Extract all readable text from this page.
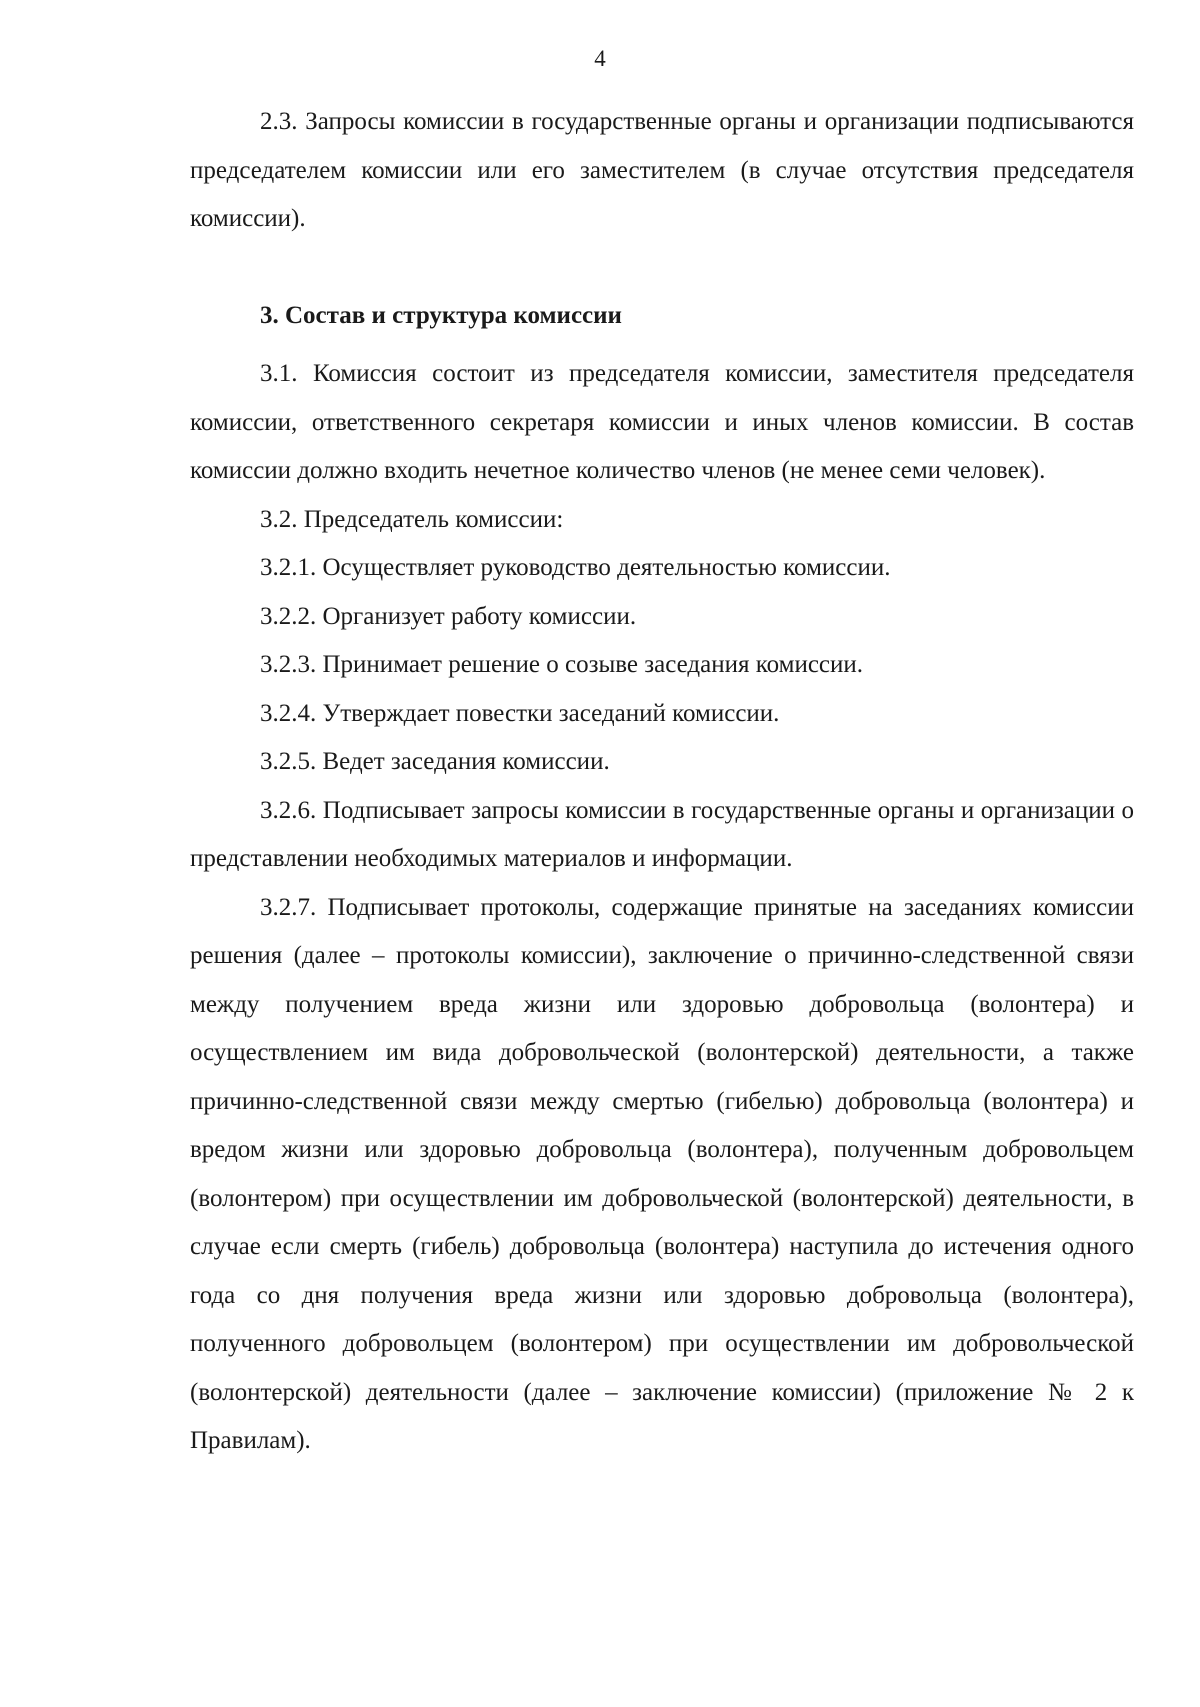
4

2.3. Запросы комиссии в государственные органы и организации подписываются председателем комиссии или его заместителем (в случае отсутствия председателя комиссии).

3. Состав и структура комиссии

3.1. Комиссия состоит из председателя комиссии, заместителя председателя комиссии, ответственного секретаря комиссии и иных членов комиссии. В состав комиссии должно входить нечетное количество членов (не менее семи человек).

3.2. Председатель комиссии:

3.2.1. Осуществляет руководство деятельностью комиссии.

3.2.2. Организует работу комиссии.

3.2.3. Принимает решение о созыве заседания комиссии.

3.2.4. Утверждает повестки заседаний комиссии.

3.2.5. Ведет заседания комиссии.

3.2.6. Подписывает запросы комиссии в государственные органы и организации о представлении необходимых материалов и информации.

3.2.7. Подписывает протоколы, содержащие принятые на заседаниях комиссии решения (далее – протоколы комиссии), заключение о причинно-следственной связи между получением вреда жизни или здоровью добровольца (волонтера) и осуществлением им вида добровольческой (волонтерской) деятельности, а также причинно-следственной связи между смертью (гибелью) добровольца (волонтера) и вредом жизни или здоровью добровольца (волонтера), полученным добровольцем (волонтером) при осуществлении им добровольческой (волонтерской) деятельности, в случае если смерть (гибель) добровольца (волонтера) наступила до истечения одного года со дня получения вреда жизни или здоровью добровольца (волонтера), полученного добровольцем (волонтером) при осуществлении им добровольческой (волонтерской) деятельности (далее – заключение комиссии) (приложение № 2 к Правилам).
